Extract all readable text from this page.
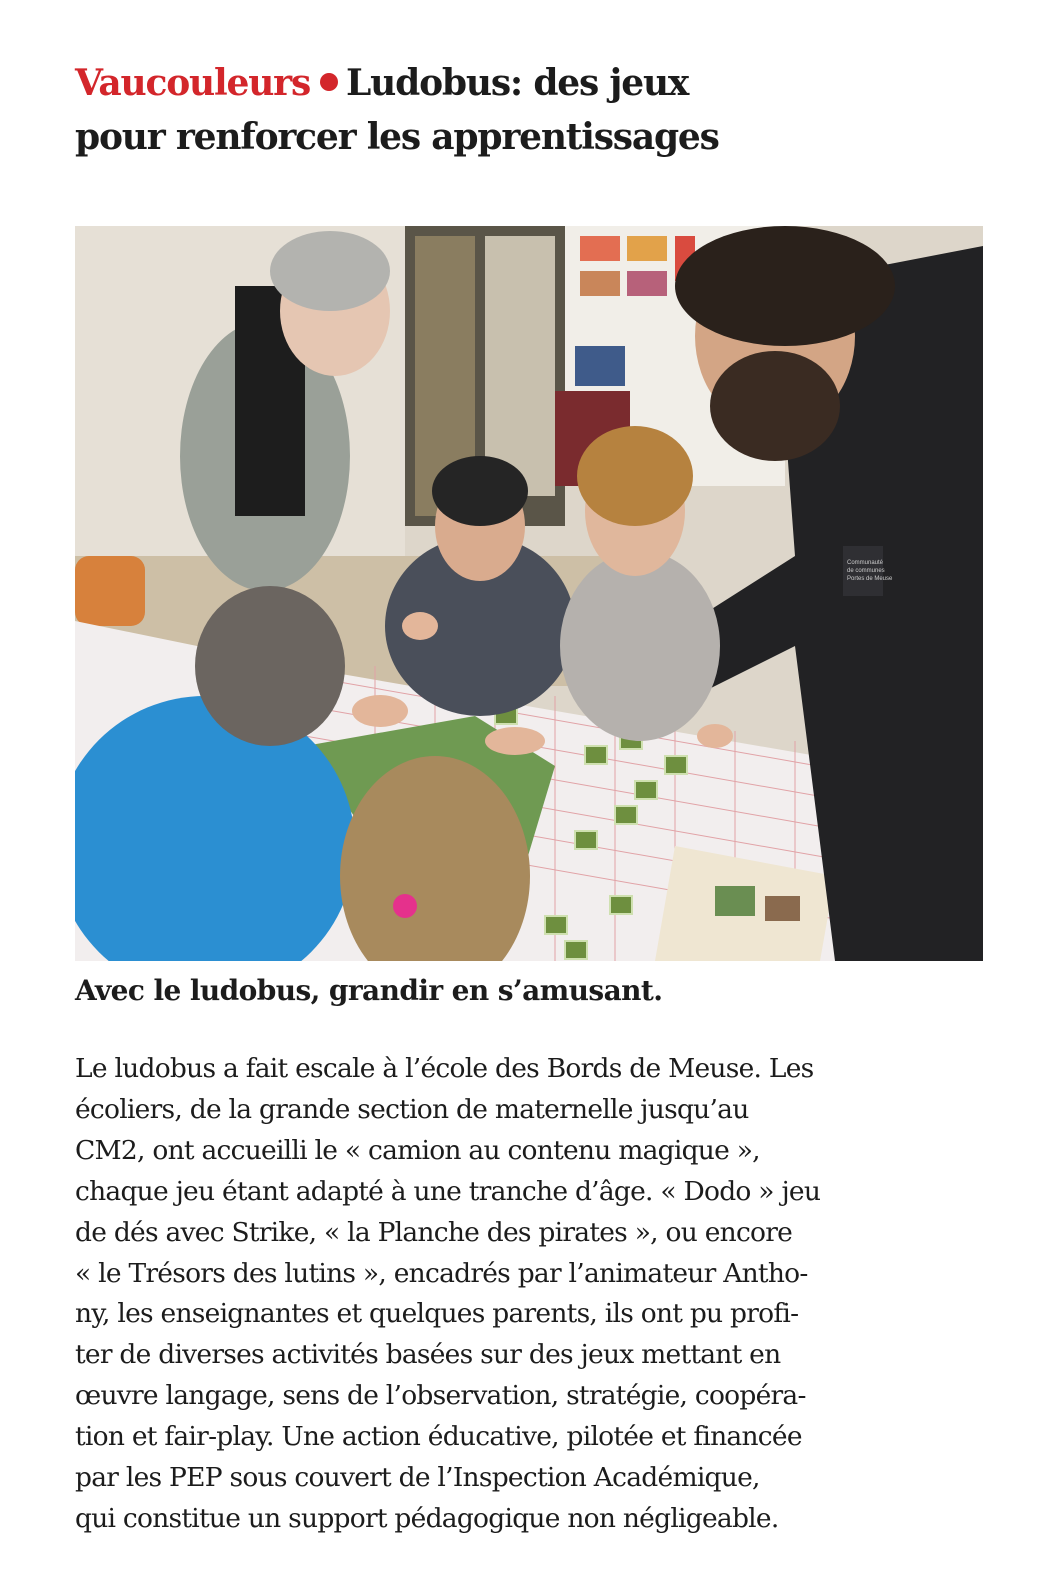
Vaucouleurs Ludobus: des jeux
pour renforcer les apprentissages
Communauté de communes Portes de Meuse

Avec le ludobus, grandir en s’amusant.

Le ludobus a fait escale à l’école des Bords de Meuse. Les
écoliers, de la grande section de maternelle jusqu’au
CM2, ont accueilli le « camion au contenu magique »,
chaque jeu étant adapté à une tranche d’âge. « Dodo » jeu
de dés avec Strike, « la Planche des pirates », ou encore
« le Trésors des lutins », encadrés par l’animateur Antho-
ny, les enseignantes et quelques parents, ils ont pu profi-
ter de diverses activités basées sur des jeux mettant en
œuvre langage, sens de l’observation, stratégie, coopéra-
tion et fair-play. Une action éducative, pilotée et financée
par les PEP sous couvert de l’Inspection Académique,
qui constitue un support pédagogique non négligeable.
